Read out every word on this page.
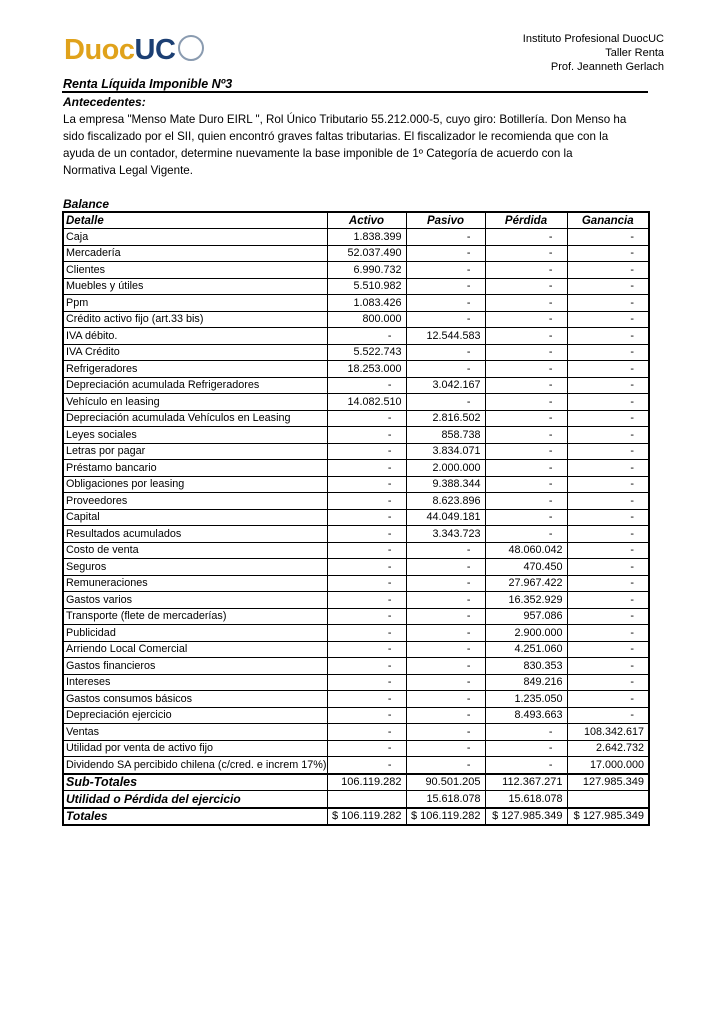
Instituto Profesional DuocUC
Taller Renta
Prof. Jeanneth Gerlach
DuocUC
Renta Líquida Imponible Nº3
Antecedentes:
La empresa "Menso Mate Duro EIRL ", Rol Único Tributario 55.212.000-5, cuyo giro: Botillería. Don Menso ha
sido fiscalizado por el SII, quien encontró graves faltas tributarias. El fiscalizador le recomienda que con la
ayuda de un contador, determine nuevamente la base imponible de 1º Categoría de acuerdo con la
Normativa Legal Vigente.
Balance
Detalle	Activo	Pasivo	Pérdida	Ganancia
Caja	1.838.399	-	-	-
Mercadería	52.037.490	-	-	-
Clientes	6.990.732	-	-	-
Muebles y útiles	5.510.982	-	-	-
Ppm	1.083.426	-	-	-
Crédito activo fijo (art.33 bis)	800.000	-	-	-
IVA débito.	-	12.544.583	-	-
IVA Crédito	5.522.743	-	-	-
Refrigeradores	18.253.000	-	-	-
Depreciación acumulada Refrigeradores	-	3.042.167	-	-
Vehículo en leasing	14.082.510	-	-	-
Depreciación acumulada Vehículos en Leasing	-	2.816.502	-	-
Leyes sociales	-	858.738	-	-
Letras por pagar	-	3.834.071	-	-
Préstamo bancario	-	2.000.000	-	-
Obligaciones por leasing	-	9.388.344	-	-
Proveedores	-	8.623.896	-	-
Capital	-	44.049.181	-	-
Resultados acumulados	-	3.343.723	-	-
Costo de venta	-	-	48.060.042	-
Seguros	-	-	470.450	-
Remuneraciones	-	-	27.967.422	-
Gastos varios	-	-	16.352.929	-
Transporte (flete de mercaderías)	-	-	957.086	-
Publicidad	-	-	2.900.000	-
Arriendo Local Comercial	-	-	4.251.060	-
Gastos financieros	-	-	830.353	-
Intereses	-	-	849.216	-
Gastos consumos básicos	-	-	1.235.050	-
Depreciación ejercicio	-	-	8.493.663	-
Ventas	-	-	-	108.342.617
Utilidad por venta de activo fijo	-	-	-	2.642.732
Dividendo SA percibido chilena (c/cred. e increm 17%)	-	-	-	17.000.000
Sub-Totales	106.119.282	90.501.205	112.367.271	127.985.349
Utilidad o Pérdida del ejercicio		15.618.078	15.618.078	
Totales	$ 106.119.282	$ 106.119.282	$ 127.985.349	$ 127.985.349
